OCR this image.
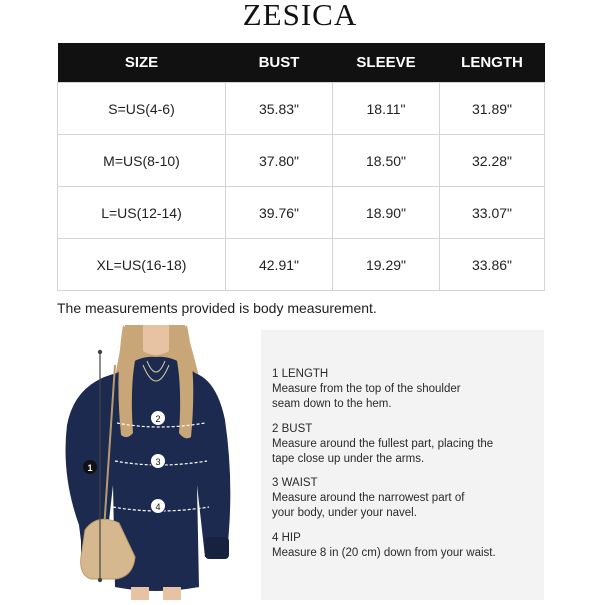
ZESICA
SIZE	BUST	SLEEVE	LENGTH
S=US(4-6)	35.83"	18.11"	31.89"
M=US(8-10)	37.80"	18.50"	32.28"
L=US(12-14)	39.76"	18.90"	33.07"
XL=US(16-18)	42.91"	19.29"	33.86"
The measurements provided is body measurement.
1
2
3
4
1 LENGTH
Measure from the top of the shoulder seam down to the hem.
2 BUST
Measure around the fullest part, placing the tape close up under the arms.
3 WAIST
Measure around the narrowest part of your body, under your navel.
4 HIP
Measure 8 in (20 cm) down from your waist.
